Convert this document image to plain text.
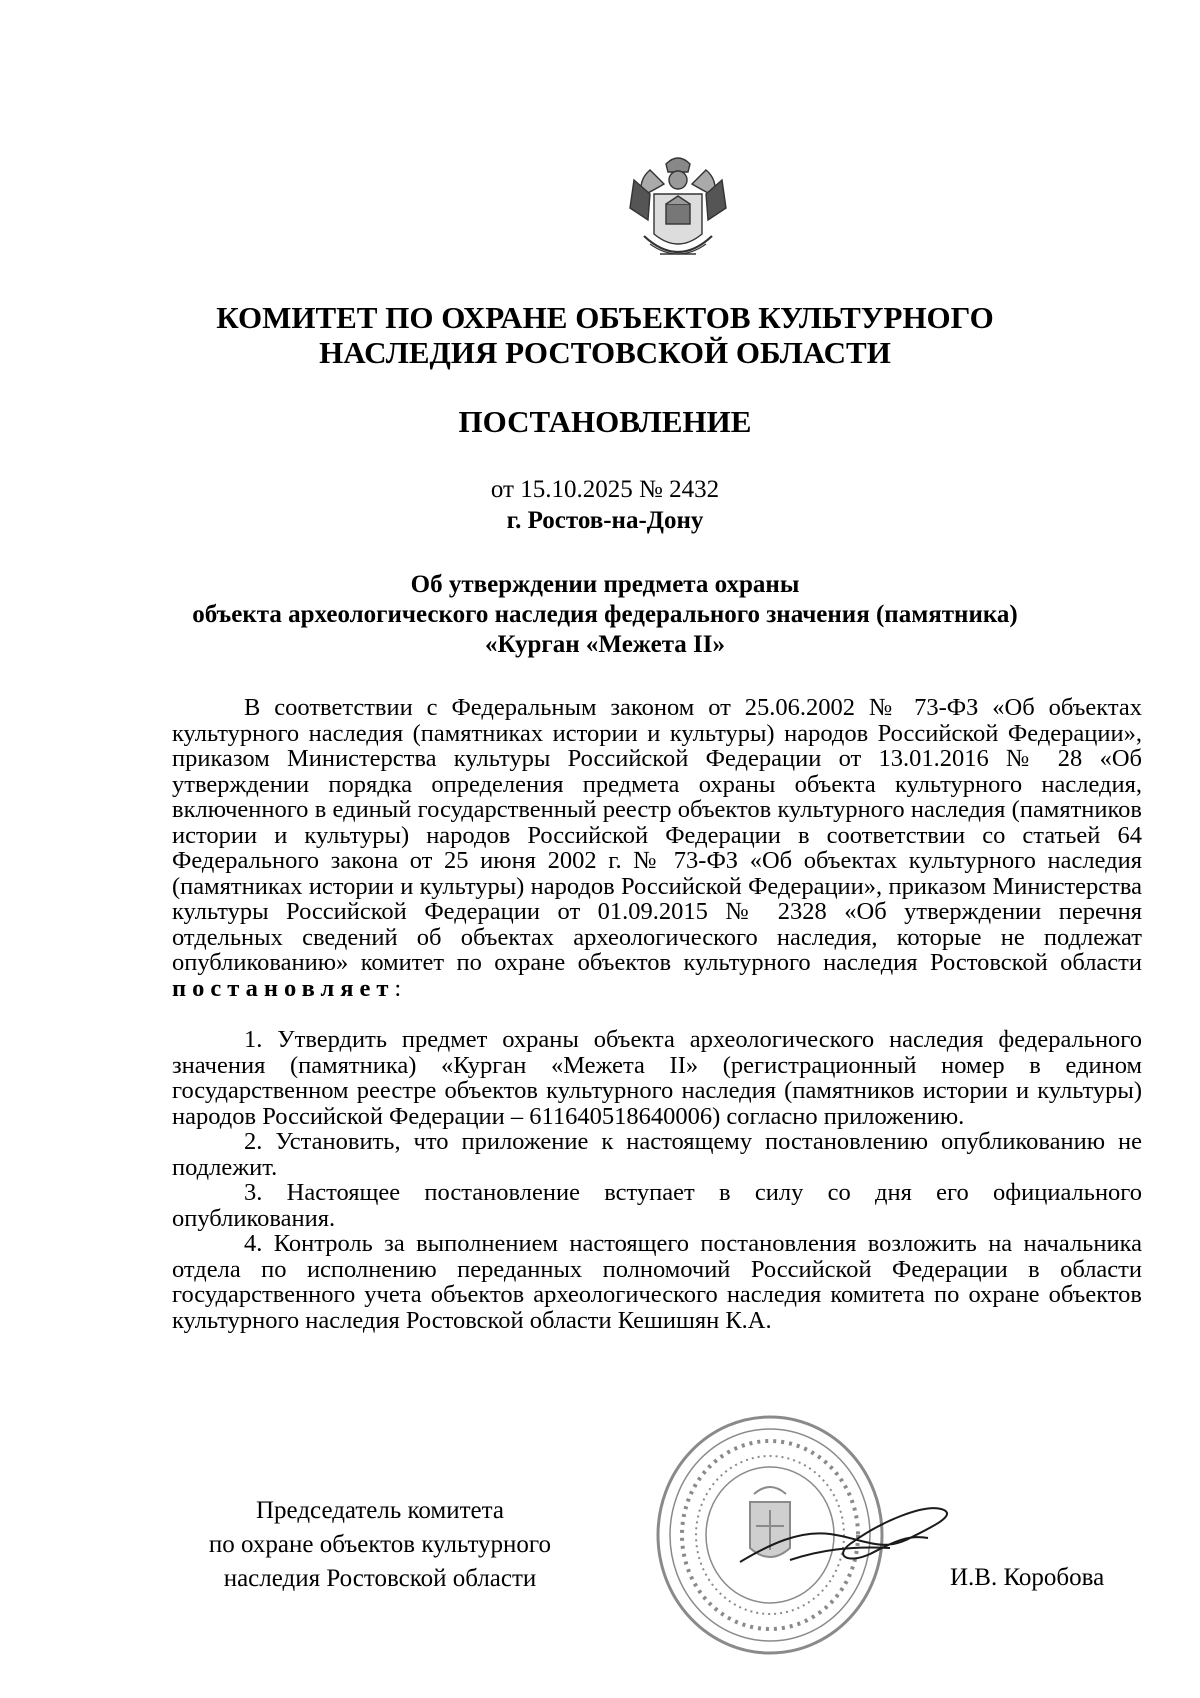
КОМИТЕТ ПО ОХРАНЕ ОБЪЕКТОВ КУЛЬТУРНОГО
НАСЛЕДИЯ РОСТОВСКОЙ ОБЛАСТИ
ПОСТАНОВЛЕНИЕ
от 15.10.2025 № 2432
г. Ростов-на-Дону
Об утверждении предмета охраны
объекта археологического наследия федерального значения (памятника)
«Курган «Межета II»

В соответствии с Федеральным законом от 25.06.2002 № 73-ФЗ «Об объектах культурного наследия (памятниках истории и культуры) народов Российской Федерации», приказом Министерства культуры Российской Федерации от 13.01.2016 № 28 «Об утверждении порядка определения предмета охраны объекта культурного наследия, включенного в единый государственный реестр объектов культурного наследия (памятников истории и культуры) народов Российской Федерации в соответствии со статьей 64 Федерального закона от 25 июня 2002 г. № 73-ФЗ «Об объектах культурного наследия (памятниках истории и культуры) народов Российской Федерации», приказом Министерства культуры Российской Федерации от 01.09.2015 № 2328 «Об утверждении перечня отдельных сведений об объектах археологического наследия, которые не подлежат опубликованию» комитет по охране объектов культурного наследия Ростовской области постановляет:

1. Утвердить предмет охраны объекта археологического наследия федерального значения (памятника) «Курган «Межета II» (регистрационный номер в едином государственном реестре объектов культурного наследия (памятников истории и культуры) народов Российской Федерации – 611640518640006) согласно приложению.

2. Установить, что приложение к настоящему постановлению опубликованию не подлежит.

3. Настоящее постановление вступает в силу со дня его официального опубликования.

4. Контроль за выполнением настоящего постановления возложить на начальника отдела по исполнению переданных полномочий Российской Федерации в области государственного учета объектов археологического наследия комитета по охране объектов культурного наследия Ростовской области Кешишян К.А.

Председатель комитета
по охране объектов культурного
наследия Ростовской области	И.В. Коробова
